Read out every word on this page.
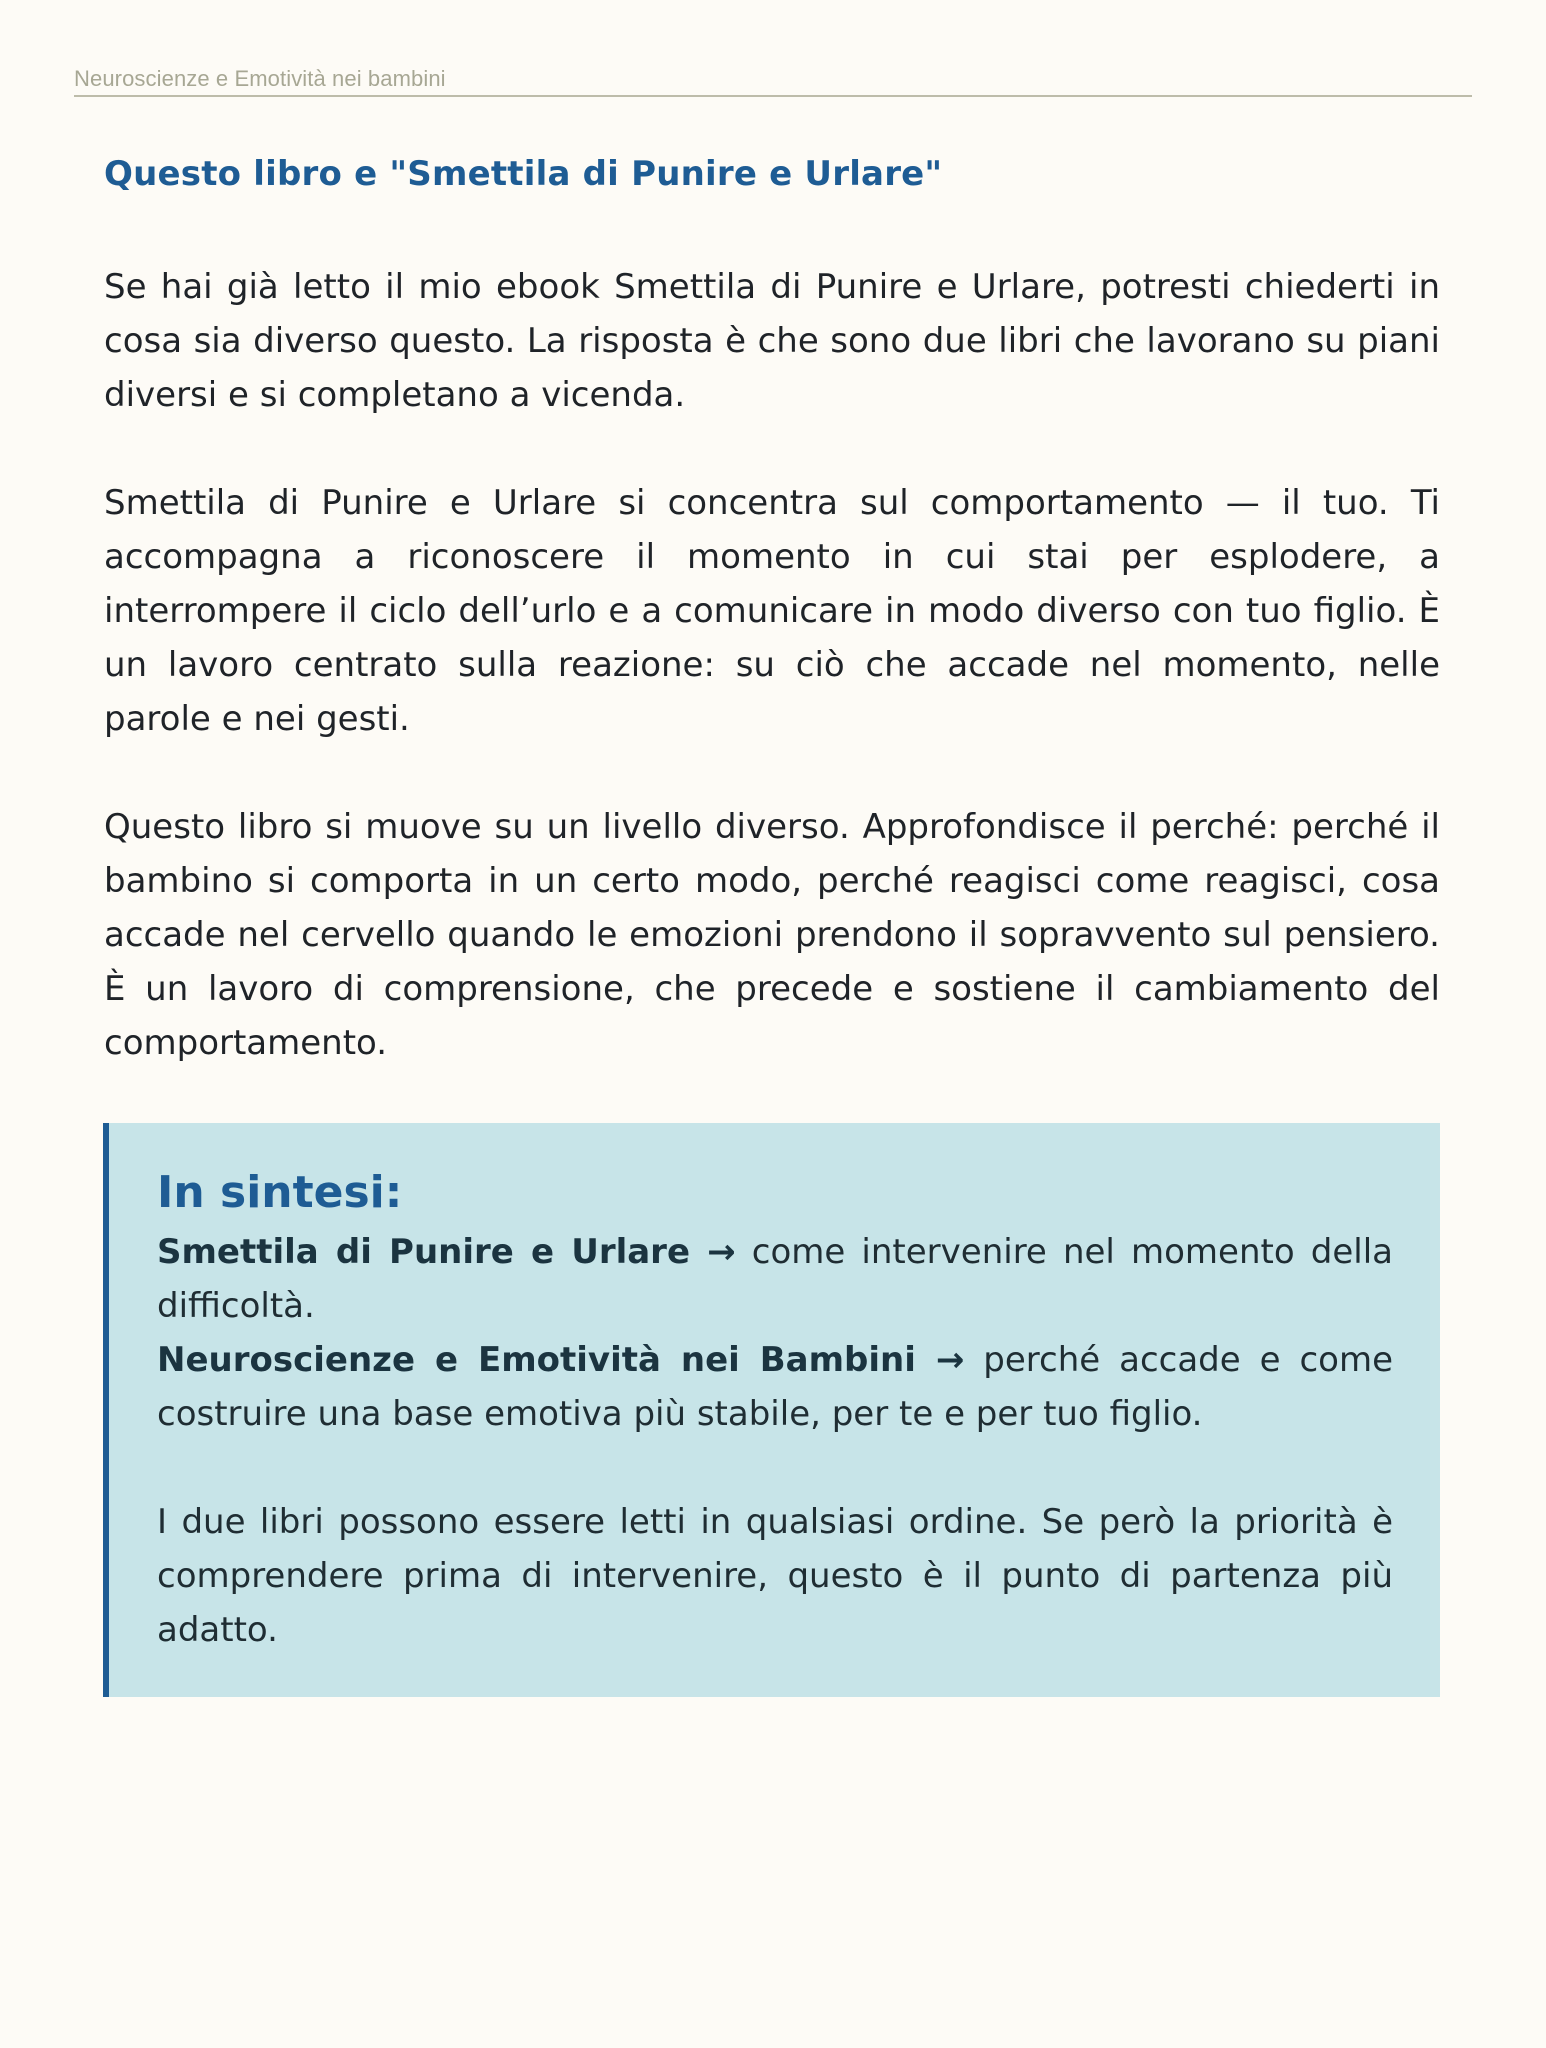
Neuroscienze e Emotività nei bambini
Questo libro e "Smettila di Punire e Urlare"

Se hai già letto il mio ebook Smettila di Punire e Urlare, potresti chiederti in cosa sia diverso questo. La risposta è che sono due libri che lavorano su piani diversi e si completano a vicenda.

Smettila di Punire e Urlare si concentra sul comportamento — il tuo. Ti accompagna a riconoscere il momento in cui stai per esplodere, a interrompere il ciclo dell’urlo e a comunicare in modo diverso con tuo figlio. È un lavoro centrato sulla reazione: su ciò che accade nel momento, nelle parole e nei gesti.

Questo libro si muove su un livello diverso. Approfondisce il perché: perché il bambino si comporta in un certo modo, perché reagisci come reagisci, cosa accade nel cervello quando le emozioni prendono il sopravvento sul pensiero. È un lavoro di comprensione, che precede e sostiene il cambiamento del comportamento.

In sintesi:

Smettila di Punire e Urlare → come intervenire nel momento della difficoltà.

Neuroscienze e Emotività nei Bambini → perché accade e come costruire una base emotiva più stabile, per te e per tuo figlio.

I due libri possono essere letti in qualsiasi ordine. Se però la priorità è comprendere prima di intervenire, questo è il punto di partenza più adatto.
